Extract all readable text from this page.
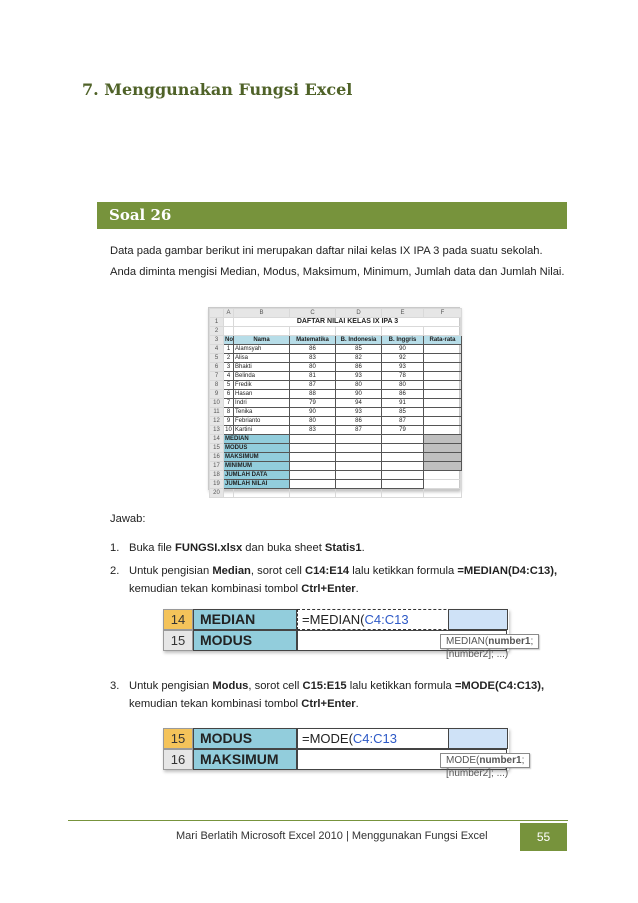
7. Menggunakan Fungsi Excel
Soal 26
Data pada gambar berikut ini merupakan daftar nilai kelas IX IPA 3 pada suatu sekolah. Anda diminta mengisi Median, Modus, Maksimum, Minimum, Jumlah data dan Jumlah Nilai.
	A	B	C	D	E	F
1		DAFTAR NILAI KELAS IX IPA 3				
2						
3	No	Nama	Matematika	B. Indonesia	B. Inggris	Rata-rata
4	1	Alamsyah	86	85	90	
5	2	Alisa	83	82	92	
6	3	Bhakti	80	86	93	
7	4	Belinda	81	93	78	
8	5	Fredik	87	80	80	
9	6	Hasan	88	90	86	
10	7	Indri	79	94	91	
11	8	Tenika	90	93	85	
12	9	Febrianto	80	86	87	
13	10	Kartini	83	87	79	
14	MEDIAN					
15	MODUS					
16	MAKSIMUM					
17	MINIMUM					
18	JUMLAH DATA					
19	JUMLAH NILAI					
20						
Jawab:
1. Buka file FUNGSI.xlsx dan buka sheet Statis1.
2. Untuk pengisian Median, sorot cell C14:E14 lalu ketikkan formula =MEDIAN(D4:C13), kemudian tekan kombinasi tombol Ctrl+Enter.
14	MEDIAN	=MEDIAN(C4:C13
15	MODUS	MEDIAN(number1; [number2]; ...)
3. Untuk pengisian Modus, sorot cell C15:E15 lalu ketikkan formula =MODE(C4:C13), kemudian tekan kombinasi tombol Ctrl+Enter.
15	MODUS	=MODE(C4:C13
16	MAKSIMUM	MODE(number1; [number2]; ...)
Mari Berlatih Microsoft Excel 2010 | Menggunakan Fungsi Excel	55
